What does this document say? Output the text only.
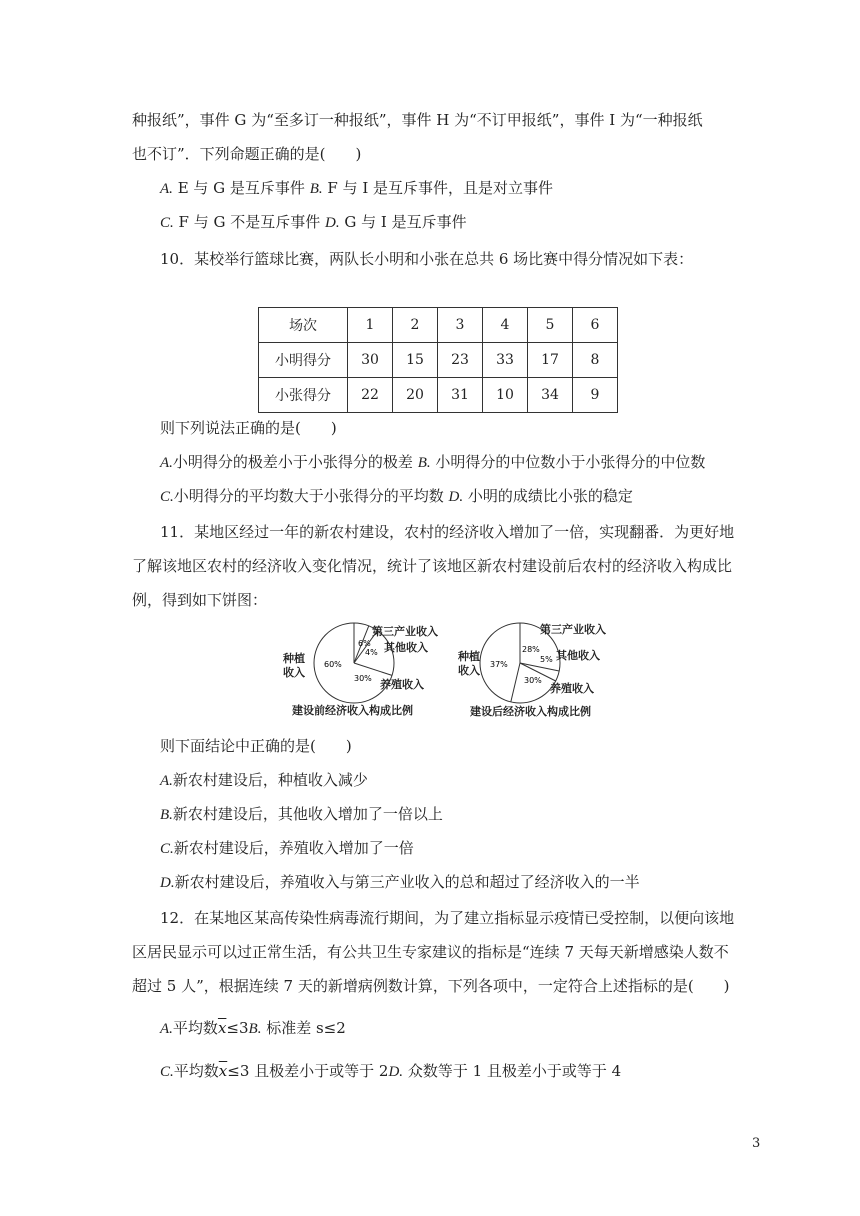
种报纸”，事件 G 为“至多订一种报纸”，事件 H 为“不订甲报纸”，事件 I 为“一种报纸
也不订”．下列命题正确的是(　　)
A. E 与 G 是互斥事件 B. F 与 I 是互斥事件，且是对立事件
C. F 与 G 不是互斥事件 D. G 与 I 是互斥事件
10．某校举行篮球比赛，两队长小明和小张在总共 6 场比赛中得分情况如下表：
场次	1	2	3	4	5	6
小明得分	30	15	23	33	17	8
小张得分	22	20	31	10	34	9
则下列说法正确的是(　　)
A.小明得分的极差小于小张得分的极差 B. 小明得分的中位数小于小张得分的中位数
C.小明得分的平均数大于小张得分的平均数 D. 小明的成绩比小张的稳定
11．某地区经过一年的新农村建设，农村的经济收入增加了一倍，实现翻番．为更好地
了解该地区农村的经济收入变化情况，统计了该地区新农村建设前后农村的经济收入构成比
例，得到如下饼图：
60%
6%
4%
30%
第三产业收入
其他收入
种植
收入
养殖收入
建设前经济收入构成比例
37%
28%
5%
30%
第三产业收入
其他收入
种植
收入
养殖收入
建设后经济收入构成比例
则下面结论中正确的是(　　)
A.新农村建设后，种植收入减少
B.新农村建设后，其他收入增加了一倍以上
C.新农村建设后，养殖收入增加了一倍
D.新农村建设后，养殖收入与第三产业收入的总和超过了经济收入的一半
12．在某地区某高传染性病毒流行期间，为了建立指标显示疫情已受控制，以便向该地
区居民显示可以过正常生活，有公共卫生专家建议的指标是“连续 7 天每天新增感染人数不
超过 5 人”，根据连续 7 天的新增病例数计算，下列各项中，一定符合上述指标的是(　　)
A.平均数$\overline{x}\le 3B$. 标准差 s≤2
C.平均数$\overline{x}\le 3$ 且极差小于或等于 2D. 众数等于 1 且极差小于或等于 4
3
